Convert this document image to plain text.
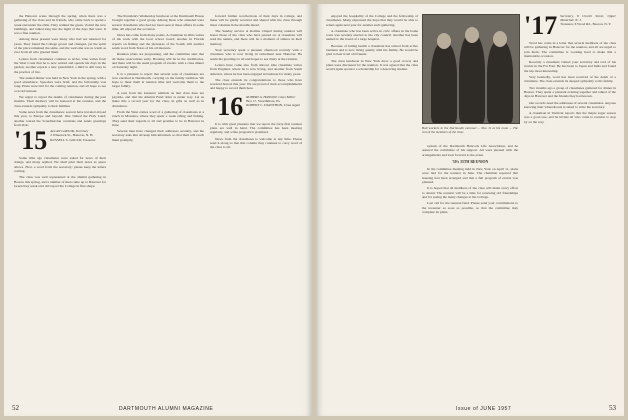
the Hanover scene through the spring, when there was a gathering of the class and its friends, who came back to spend a week end under the elms. They walked the green, visited the new buildings, and talked long into the night of the days that were. It was a fine reunion.

Among those present were many who had not returned for years. They found the College grown and changed, yet the spirit of the place remained the same, and the welcome was as warm as ever from all who greeted them.

Letters from classmates continue to arrive. One writes from the West Coast that he is now retired and spends his days in the garden; another reports a new grandchild; a third is still busy in the practice of law.

The annual dinner was held in New York in the spring, with a good attendance. Speeches were brief, and the fellowship was long. Plans were laid for the coming reunion, and all hope to see a record turnout.

We regret to report the deaths of classmates during the past months. Their memory will be honored at the reunion, and the class extends sympathy to their families.

Some news from the classmates: several have traveled abroad this year, to Europe and beyond. One visited the Holy Land; another toured the Scandinavian countries and sends greetings from Oslo.

'15 ALLAN GAYLOR, Secretary
2 Wheelock St., Hanover, N. H.
RUSSELL S. GOULD, Treasurer

Some time ago classmates were asked for news of their doings, and many replied. We shall print their notes as space allows. First, a word from the secretary: please keep the letters coming.

The class was well represented at the alumni gathering in Boston this spring, and a number of men came up to Hanover for Green Key week end. All report the College in fine shape.

The President's Wednesday luncheon at the Dartmouth House brought together a good group. Among those who attended were several classmates who had not been seen at these affairs in some time. All enjoyed the occasion.

News has come from many points. A classmate in Ohio writes of his work with the local school board; another in Florida reports on fishing and the pleasures of the South; still another sends word from Texas of his oil interests.

Reunion plans are progressing, and the committee asks that all make reservations early. Housing will be in the dormitories, and there will be the usual program of events, with a class dinner on Saturday night.

It is a pleasure to report that several sons of classmates are now enrolled at Dartmouth, carrying on the family tradition. We hope to meet them at reunion time and welcome them to the larger family.

A note from the treasurer reminds us that class dues are payable, and that the Alumni Fund drive is under way. Let us make this a record year for the class, in gifts as well as in attendance.

From the West comes word of a gathering of classmates at a ranch in Montana, where they spent a week riding and fishing. They send their regards to all and promise to be in Hanover in June.

Several men have changed their addresses recently, and the secretary asks that all keep him informed, so that mail will reach them promptly.

forward further recollections of their days in college, and these will be gladly received and shared with the class through these columns in the months ahead.

The Sunday service at Rollins Chapel during reunion will honor those of the class who have passed on. A classmate will read the names, and there will be a moment of silence in their memory.

Your secretary spent a pleasant afternoon recently with a classmate who is now living in retirement near Hanover. He sends his greetings to all and hopes to see many at the reunion.

Letters have come also from abroad. One classmate writes from England, where he is now living, and another from South America, where he has been engaged in business for many years.

The class extends its congratulations to those who have received honors this year. We are proud of their accomplishments and happy to record them here.

'16 ROBERT A. HANSON, Class Editor
Box 17, Swarthmore, Pa.
ROBERT C. DIANTHON, Class Agent

It is with great pleasure that we report the forty-first reunion plans are well in hand. The committee has been meeting regularly, and a fine program is promised.

News from the classmates is welcome at any time. Please send it along so that this column may continue to carry word of the class to all.

52	DARTMOUTH ALUMNI MAGAZINE

enjoyed the hospitality of the College and the fellowship of classmates. Many expressed the hope that they would be able to return again next year for another such gathering.

A classmate who has been active in civic affairs in his home town was recently elected to the city council. Another has been named to the board of a large hospital.

Because of failing health a classmate has retired from active business and is now living quietly with his family. He would be glad to hear from old friends.

The class luncheon in New York drew a good crowd, and plans were discussed for the reunion. It was agreed that the class would again sponsor a scholarship for a deserving student.

Bolt workers in the Dartmouth carousel ... Nov. 11 at his room ... The rest of the members of the class

system of the Dartmouth Hancock Life Association, and he assured the committee of his support. All were pleased with the arrangements and look forward to the event.

'30's 35TH REUNION

In the committee meeting held in New York on April 11, plans were laid for the reunion in June. The chairman reported that housing had been arranged and that a full program of events was planned.

It is hoped that all members of the class will make every effort to attend. The reunion will be a time for renewing old friendships and for seeing the many changes at the College.

Last call for the reunion fund. Please send your contributions to the treasurer as soon as possible, so that the committee may complete its plans.

'17 Secretary, 8 Church Street, Upper Montclair, N. J.
Treasurer, 6 Wood Rd., Beacon, N. Y.

Word has come in a letter that several members of the class will be gathering in Hanover for the reunion, and all are urged to join them. The committee is working hard to make this a memorable occasion.

Recently a classmate visited your secretary and told of his travels in the Far East. He has been to Japan and India and found the trip most interesting.

Very belatedly, word has been received of the death of a classmate. The class extends its deepest sympathy to his family.

Two months ago a group of classmates gathered for dinner in Boston. They spent a pleasant evening together and talked of the days in Hanover and the friends they had known.

Our records need the addresses of several classmates. Anyone knowing their whereabouts is asked to write the secretary.

A classmate in Vermont reports that the maple sugar season was a good one, and he invites all who come to reunion to stop by on the way.

Issue of JUNE 1957	53
